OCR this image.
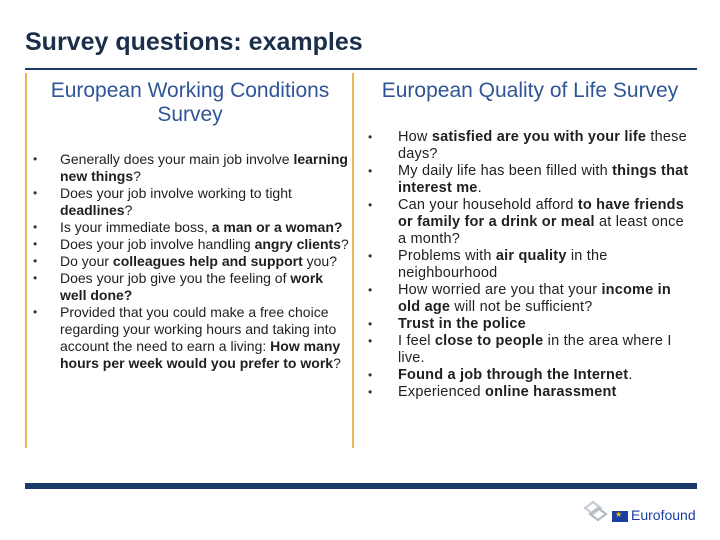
Survey questions: examples
European Working Conditions Survey
European Quality of Life Survey
• Generally does your main job involve learning new things?
• Does your job involve working to tight deadlines?
• Is your immediate boss, a man or a woman?
• Does your job involve handling angry clients?
• Do your colleagues help and support you?
• Does your job give you the feeling of work well done?
• Provided that you could make a free choice regarding your working hours and taking into account the need to earn a living: How many hours per week would you prefer to work?
• How satisfied are you with your life these days?
• My daily life has been filled with things that interest me.
• Can your household afford to have friends or family for a drink or meal at least once a month?
• Problems with air quality in the neighbourhood
• How worried are you that your income in old age will not be sufficient?
• Trust in the police
• I feel close to people in the area where I live.
• Found a job through the Internet.
• Experienced online harassment
★ Eurofound
